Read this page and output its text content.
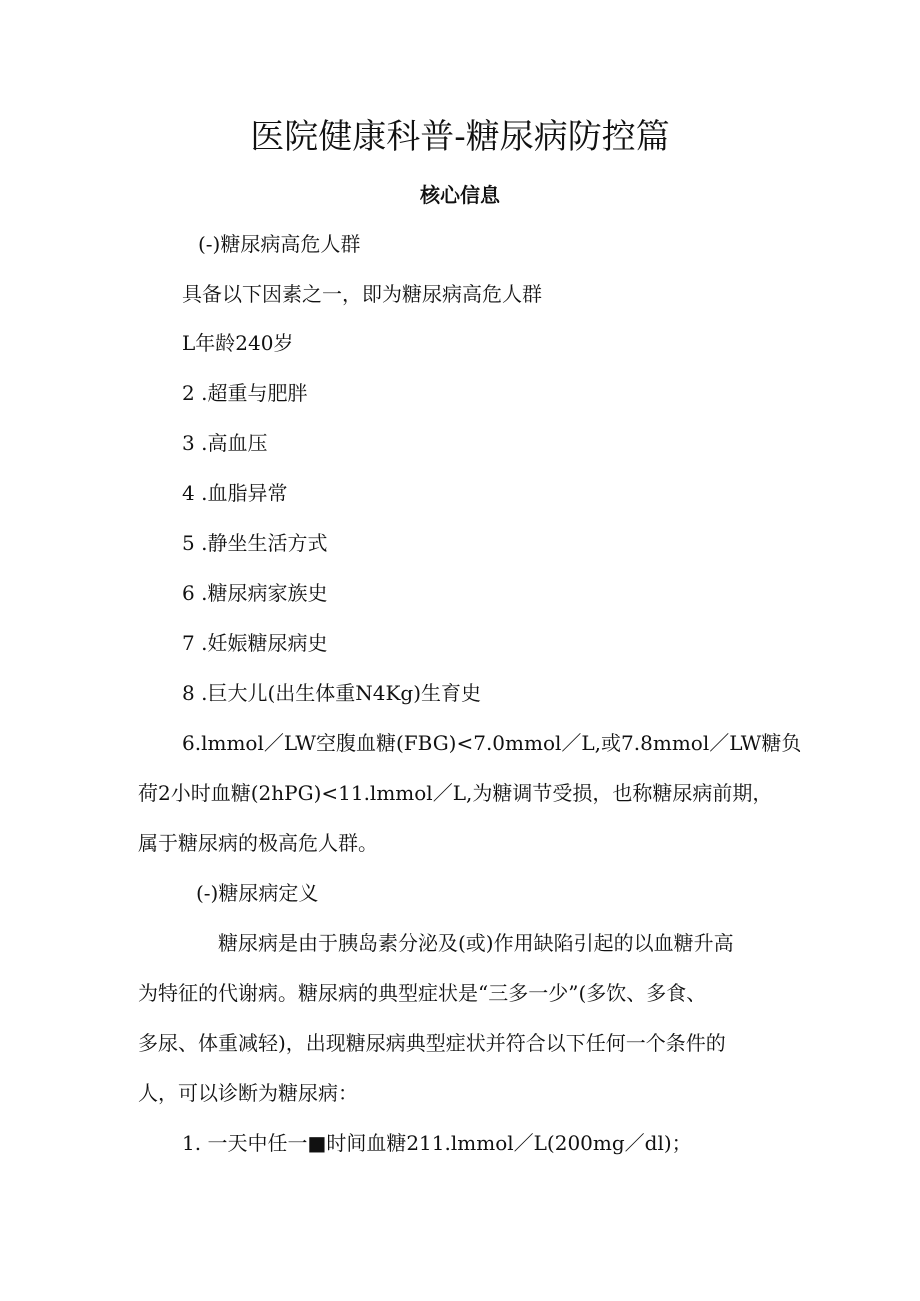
医院健康科普-糖尿病防控篇
核心信息
(-)糖尿病高危人群
具备以下因素之一，即为糖尿病高危人群
L年龄240岁
2 .超重与肥胖
3 .高血压
4 .血脂异常
5 .静坐生活方式
6 .糖尿病家族史
7 .妊娠糖尿病史
8 .巨大儿(出生体重N4Kg)生育史
6.lmmol／LW空腹血糖(FBG)<7.0mmol／L,或7.8mmol／LW糖负
荷2小时血糖(2hPG)<11.lmmol／L,为糖调节受损，也称糖尿病前期，
属于糖尿病的极高危人群。
(-)糖尿病定义
糖尿病是由于胰岛素分泌及(或)作用缺陷引起的以血糖升高
为特征的代谢病。糖尿病的典型症状是“三多一少”(多饮、多食、
多尿、体重减轻)，出现糖尿病典型症状并符合以下任何一个条件的
人，可以诊断为糖尿病：
1. 一天中任一■时间血糖211.lmmol／L(200mg／dl)；
